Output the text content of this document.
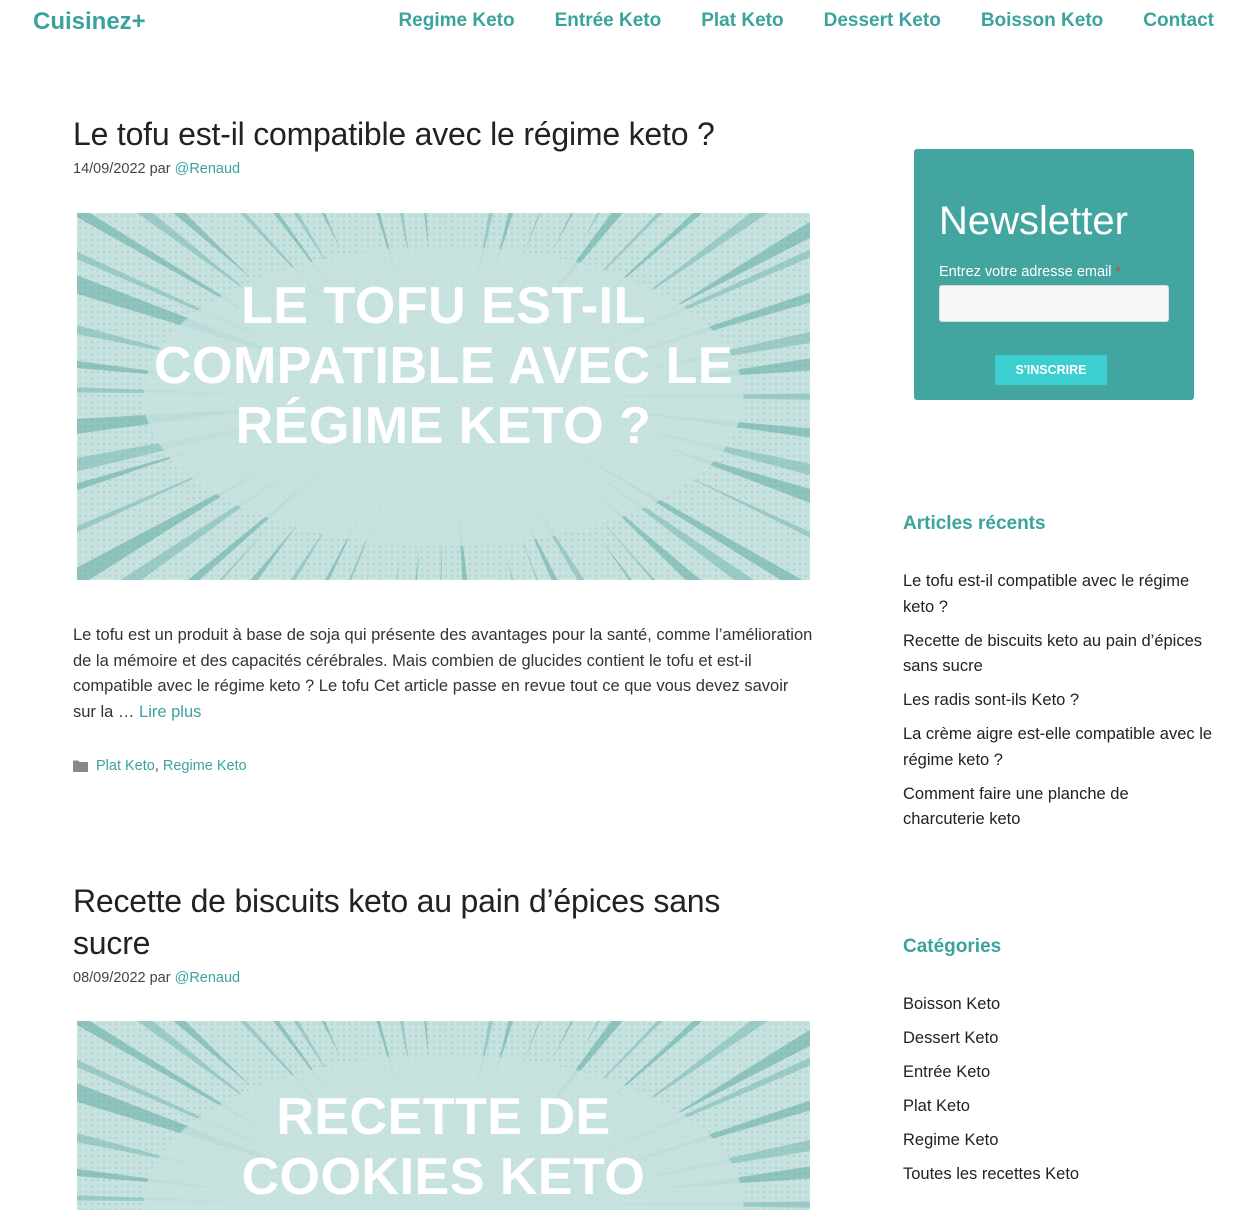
Cuisinez+	Regime Keto Entrée Keto Plat Keto Dessert Keto Boisson Keto Contact
Le tofu est-il compatible avec le régime keto ?
14/09/2022 par @Renaud
LE TOFU EST-IL
COMPATIBLE AVEC LE
RÉGIME KETO ?

Le tofu est un produit à base de soja qui présente des avantages pour la santé, comme l’amélioration de la mémoire et des capacités cérébrales. Mais combien de glucides contient le tofu et est-il compatible avec le régime keto ? Le tofu Cet article passe en revue tout ce que vous devez savoir sur la … Lire plus

Plat Keto , Regime Keto
Recette de biscuits keto au pain d’épices sans sucre
08/09/2022 par @Renaud
RECETTE DE
COOKIES KETO
Newsletter
Entrez votre adresse email *
S'INSCRIRE
Articles récents
Le tofu est-il compatible avec le régime keto ?
Recette de biscuits keto au pain d’épices sans sucre
Les radis sont-ils Keto ?
La crème aigre est-elle compatible avec le régime keto ?
Comment faire une planche de charcuterie keto
Catégories
Boisson Keto
Dessert Keto
Entrée Keto
Plat Keto
Regime Keto
Toutes les recettes Keto
